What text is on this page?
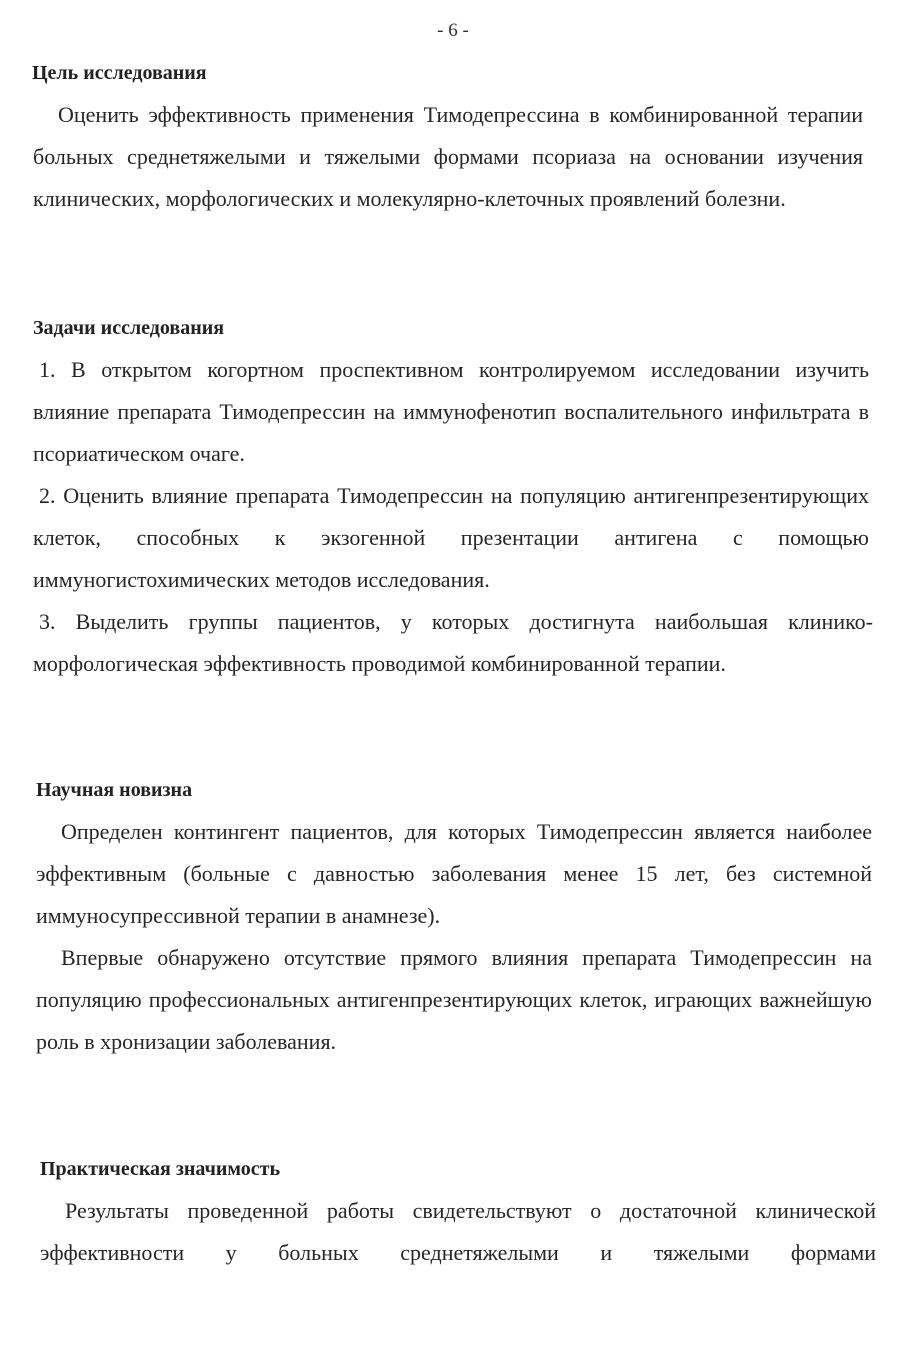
- 6 -
Цель исследования
Оценить эффективность применения Тимодепрессина в комбинированной терапии больных среднетяжелыми и тяжелыми формами псориаза на основании изучения клинических, морфологических и молекулярно-клеточных проявлений болезни.
Задачи исследования
1. В открытом когортном проспективном контролируемом исследовании изучить влияние препарата Тимодепрессин на иммунофенотип воспалительного инфильтрата в псориатическом очаге.
2. Оценить влияние препарата Тимодепрессин на популяцию антигенпрезентирующих клеток, способных к экзогенной презентации антигена с помощью иммуногистохимических методов исследования.
3. Выделить группы пациентов, у которых достигнута наибольшая клинико-морфологическая эффективность проводимой комбинированной терапии.
Научная новизна
Определен контингент пациентов, для которых Тимодепрессин является наиболее эффективным (больные с давностью заболевания менее 15 лет, без системной иммуносупрессивной терапии в анамнезе).
Впервые обнаружено отсутствие прямого влияния препарата Тимодепрессин на популяцию профессиональных антигенпрезентирующих клеток, играющих важнейшую роль в хронизации заболевания.
Практическая значимость
Результаты проведенной работы свидетельствуют о достаточной клинической эффективности у больных среднетяжелыми и тяжелыми формами
